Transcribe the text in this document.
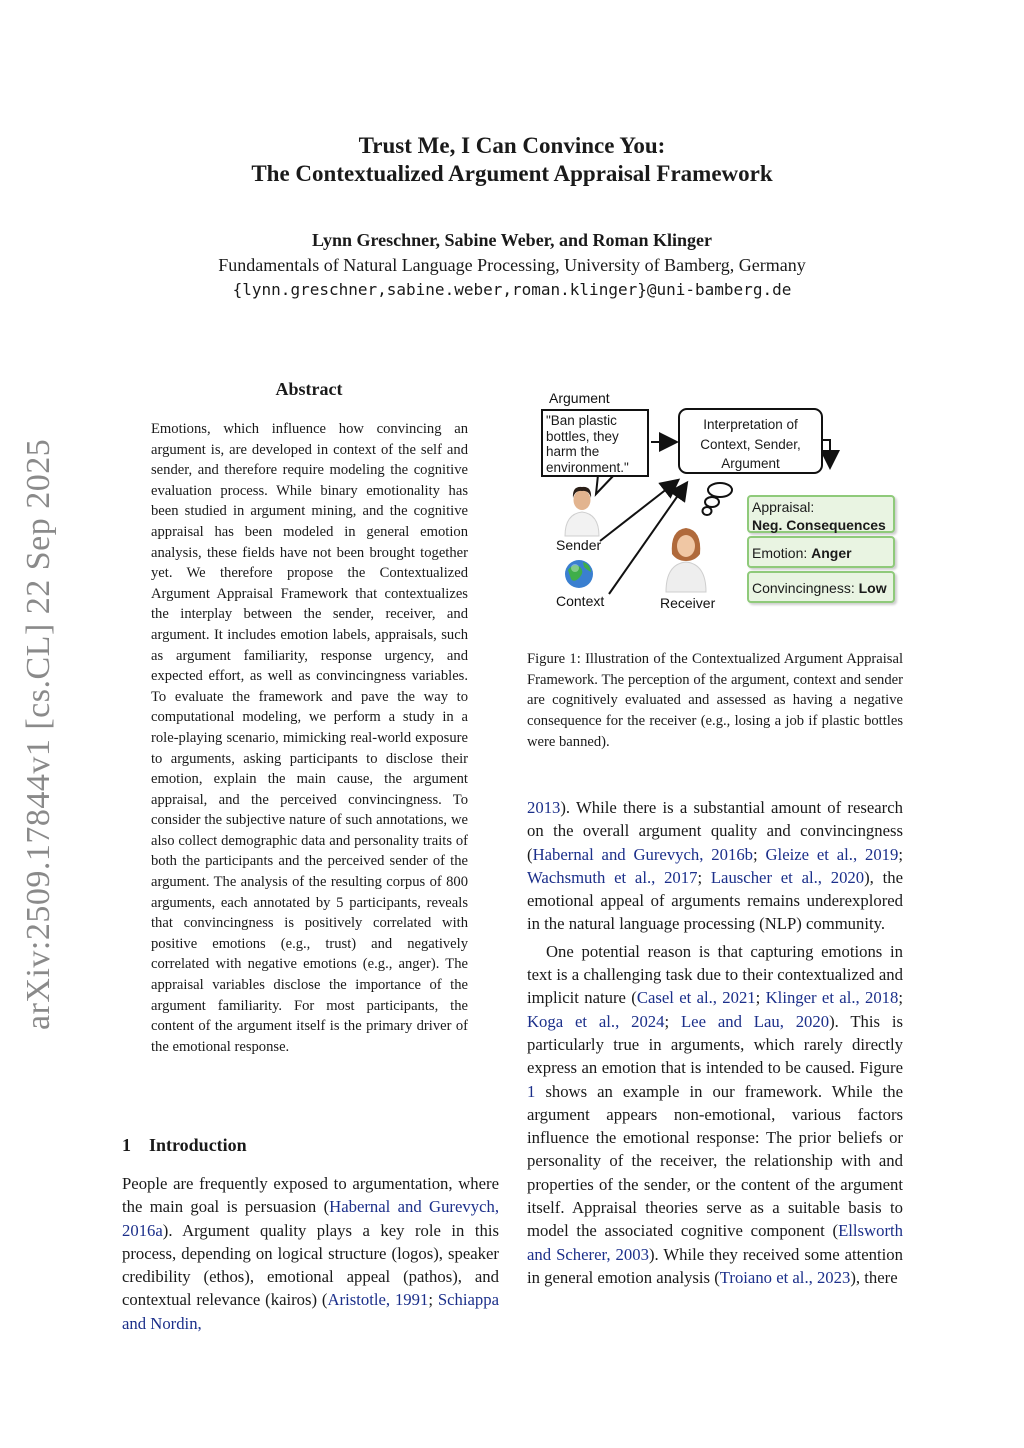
arXiv:2509.17844v1 [cs.CL] 22 Sep 2025
Trust Me, I Can Convince You:
The Contextualized Argument Appraisal Framework
Lynn Greschner, Sabine Weber, and Roman Klinger
Fundamentals of Natural Language Processing, University of Bamberg, Germany
{lynn.greschner,sabine.weber,roman.klinger}@uni-bamberg.de
Abstract
Emotions, which influence how convincing an argument is, are developed in context of the self and sender, and therefore require modeling the cognitive evaluation process. While binary emotionality has been studied in argument mining, and the cognitive appraisal has been modeled in general emotion analysis, these fields have not been brought together yet. We therefore propose the Contextualized Argument Appraisal Framework that contextualizes the interplay between the sender, receiver, and argument. It includes emotion labels, appraisals, such as argument familiarity, response urgency, and expected effort, as well as convincingness variables. To evaluate the framework and pave the way to computational modeling, we perform a study in a role-playing scenario, mimicking real-world exposure to arguments, asking participants to disclose their emotion, explain the main cause, the argument appraisal, and the perceived convincingness. To consider the subjective nature of such annotations, we also collect demographic data and personality traits of both the participants and the perceived sender of the argument. The analysis of the resulting corpus of 800 arguments, each annotated by 5 participants, reveals that convincingness is positively correlated with positive emotions (e.g., trust) and negatively correlated with negative emotions (e.g., anger). The appraisal variables disclose the importance of the argument familiarity. For most participants, the content of the argument itself is the primary driver of the emotional response.
1 Introduction
People are frequently exposed to argumentation, where the main goal is persuasion (Habernal and Gurevych, 2016a). Argument quality plays a key role in this process, depending on logical structure (logos), speaker credibility (ethos), emotional appeal (pathos), and contextual relevance (kairos) (Aristotle, 1991; Schiappa and Nordin,
Argument
"Ban plastic bottles, they harm the environment."
Interpretation of Context, Sender, Argument
Sender
Context	Receiver
Appraisal:
Neg. Consequences
Emotion: Anger
Convincingness: Low
Figure 1: Illustration of the Contextualized Argument Appraisal Framework. The perception of the argument, context and sender are cognitively evaluated and assessed as having a negative consequence for the receiver (e.g., losing a job if plastic bottles were banned).

2013). While there is a substantial amount of research on the overall argument quality and convincingness (Habernal and Gurevych, 2016b; Gleize et al., 2019; Wachsmuth et al., 2017; Lauscher et al., 2020), the emotional appeal of arguments remains underexplored in the natural language processing (NLP) community.

One potential reason is that capturing emotions in text is a challenging task due to their contextualized and implicit nature (Casel et al., 2021; Klinger et al., 2018; Koga et al., 2024; Lee and Lau, 2020). This is particularly true in arguments, which rarely directly express an emotion that is intended to be caused. Figure 1 shows an example in our framework. While the argument appears non-emotional, various factors influence the emotional response: The prior beliefs or personality of the receiver, the relationship with and properties of the sender, or the content of the argument itself. Appraisal theories serve as a suitable basis to model the associated cognitive component (Ellsworth and Scherer, 2003). While they received some attention in general emotion analysis (Troiano et al., 2023), there
